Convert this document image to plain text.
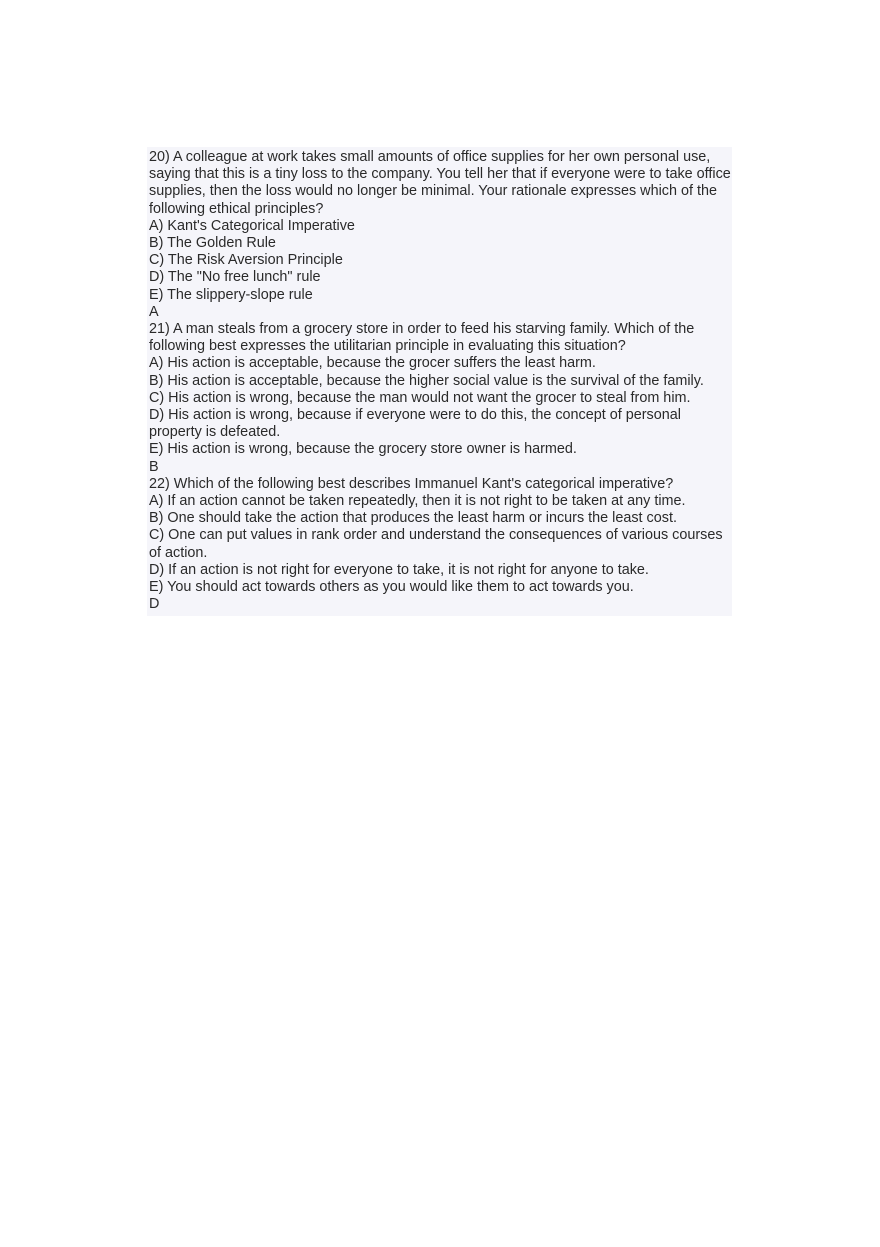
20) A colleague at work takes small amounts of office supplies for her own personal use, saying that this is a tiny loss to the company. You tell her that if everyone were to take office supplies, then the loss would no longer be minimal. Your rationale expresses which of the following ethical principles?
A) Kant's Categorical Imperative
B) The Golden Rule
C) The Risk Aversion Principle
D) The "No free lunch" rule
E) The slippery-slope rule
A
21) A man steals from a grocery store in order to feed his starving family. Which of the following best expresses the utilitarian principle in evaluating this situation?
A) His action is acceptable, because the grocer suffers the least harm.
B) His action is acceptable, because the higher social value is the survival of the family.
C) His action is wrong, because the man would not want the grocer to steal from him.
D) His action is wrong, because if everyone were to do this, the concept of personal property is defeated.
E) His action is wrong, because the grocery store owner is harmed.
B
22) Which of the following best describes Immanuel Kant's categorical imperative?
A) If an action cannot be taken repeatedly, then it is not right to be taken at any time.
B) One should take the action that produces the least harm or incurs the least cost.
C) One can put values in rank order and understand the consequences of various courses of action.
D) If an action is not right for everyone to take, it is not right for anyone to take.
E) You should act towards others as you would like them to act towards you.
D
